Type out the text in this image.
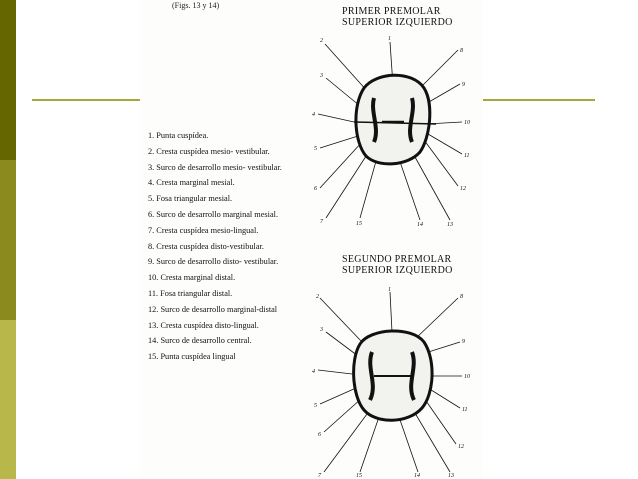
(Figs. 13 y 14)
PRIMER PREMOLAR
SUPERIOR IZQUIERDO
SEGUNDO PREMOLAR
SUPERIOR IZQUIERDO
1. Punta cuspídea.
2. Cresta cuspídea mesio- vestibular.
3. Surco de desarrollo mesio- vestibular.
4. Cresta marginal mesial.
5. Fosa triangular mesial.
6. Surco de desarrollo marginal mesial.
7. Cresta cuspídea mesio-lingual.
8. Cresta cuspídea disto-vestibular.
9. Surco de desarrollo disto- vestibular.
10. Cresta marginal distal.
11. Fosa triangular distal.
12. Surco de desarrollo marginal-distal
13. Cresta cuspídea disto-lingual.
14. Surco de desarrollo central.
15. Punta cuspídea lingual
1
2
3
4
5
6
7	15	14	13
12
11
10
9
8
1
2
3
4
5
6
7	15	14	13
12
11
10
9
8
